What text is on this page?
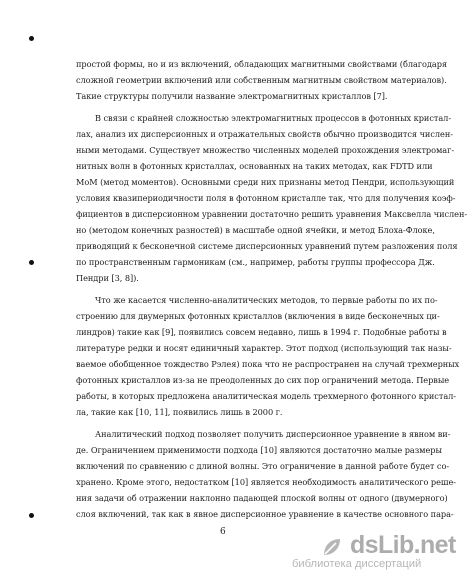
простой формы, но и из включений, обладающих магнитными свойствами (благодаря
сложной геометрии включений или собственным магнитным свойством материалов).
Такие структуры получили название электромагнитных кристаллов [7].
В связи с крайней сложностью электромагнитных процессов в фотонных кристал-
лах, анализ их дисперсионных и отражательных свойств обычно производится числен-
ными методами. Существует множество численных моделей прохождения электромаг-
нитных волн в фотонных кристаллах, основанных на таких методах, как FDTD или
MoM (метод моментов). Основными среди них признаны метод Пендри, использующий
условия квазипериодичности поля в фотонном кристалле так, что для получения коэф-
фициентов в дисперсионном уравнении достаточно решить уравнения Максвелла числен-
но (методом конечных разностей) в масштабе одной ячейки, и метод Блоха-Флоке,
приводящий к бесконечной системе дисперсионных уравнений путем разложения поля
по пространственным гармоникам (см., например, работы группы профессора Дж.
Пендри [3, 8]).
Что же касается численно-аналитических методов, то первые работы по их по-
строению для двумерных фотонных кристаллов (включения в виде бесконечных ци-
линдров) такие как [9], появились совсем недавно, лишь в 1994 г. Подобные работы в
литературе редки и носят единичный характер. Этот подход (использующий так назы-
ваемое обобщенное тождество Рэлея) пока что не распространен на случай трехмерных
фотонных кристаллов из-за не преодоленных до сих пор ограничений метода. Первые
работы, в которых предложена аналитическая модель трехмерного фотонного кристал-
ла, такие как [10, 11], появились лишь в 2000 г.
Аналитический подход позволяет получить дисперсионное уравнение в явном ви-
де. Ограничением применимости подхода [10] являются достаточно малые размеры
включений по сравнению с длиной волны. Это ограничение в данной работе будет со-
хранено. Кроме этого, недостатком [10] является необходимость аналитического реше-
ния задачи об отражении наклонно падающей плоской волны от одного (двумерного)
слоя включений, так как в явное дисперсионное уравнение в качестве основного пара-
6	dsLib.net
библиотека диссертаций
